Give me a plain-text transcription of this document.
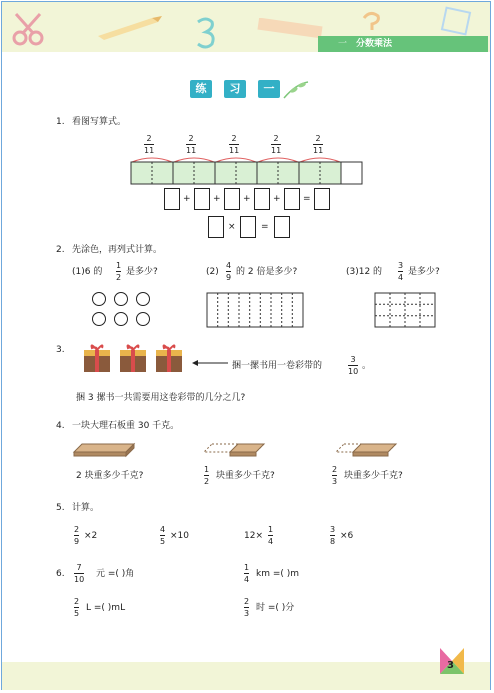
一 分数乘法
练	习	一
1. 看图写算式。
2
11
2
11
2
11
2
11
2
11
+ + + + =
×	=
2. 先涂色，再列式计算。
(1)6 的
1
2
是多少?	(2)
4
9
的 2 倍是多少?	(3)12 的
3
4
是多少?
3.
捆一摞书用一卷彩带的
3
10
。
捆 3 摞书一共需要用这卷彩带的几分之几?
4. 一块大理石板重 30 千克。
2 块重多少千克?
1
2
块重多少千克?
2
3
块重多少千克?
5. 计算。
2
9
×2
4
5
×10	12×
1
4
3
8
×6
6.
7
10
元 =( )角
1
4
km =( )m
2
5
L =( )mL
2
3
时 =( )分
3
